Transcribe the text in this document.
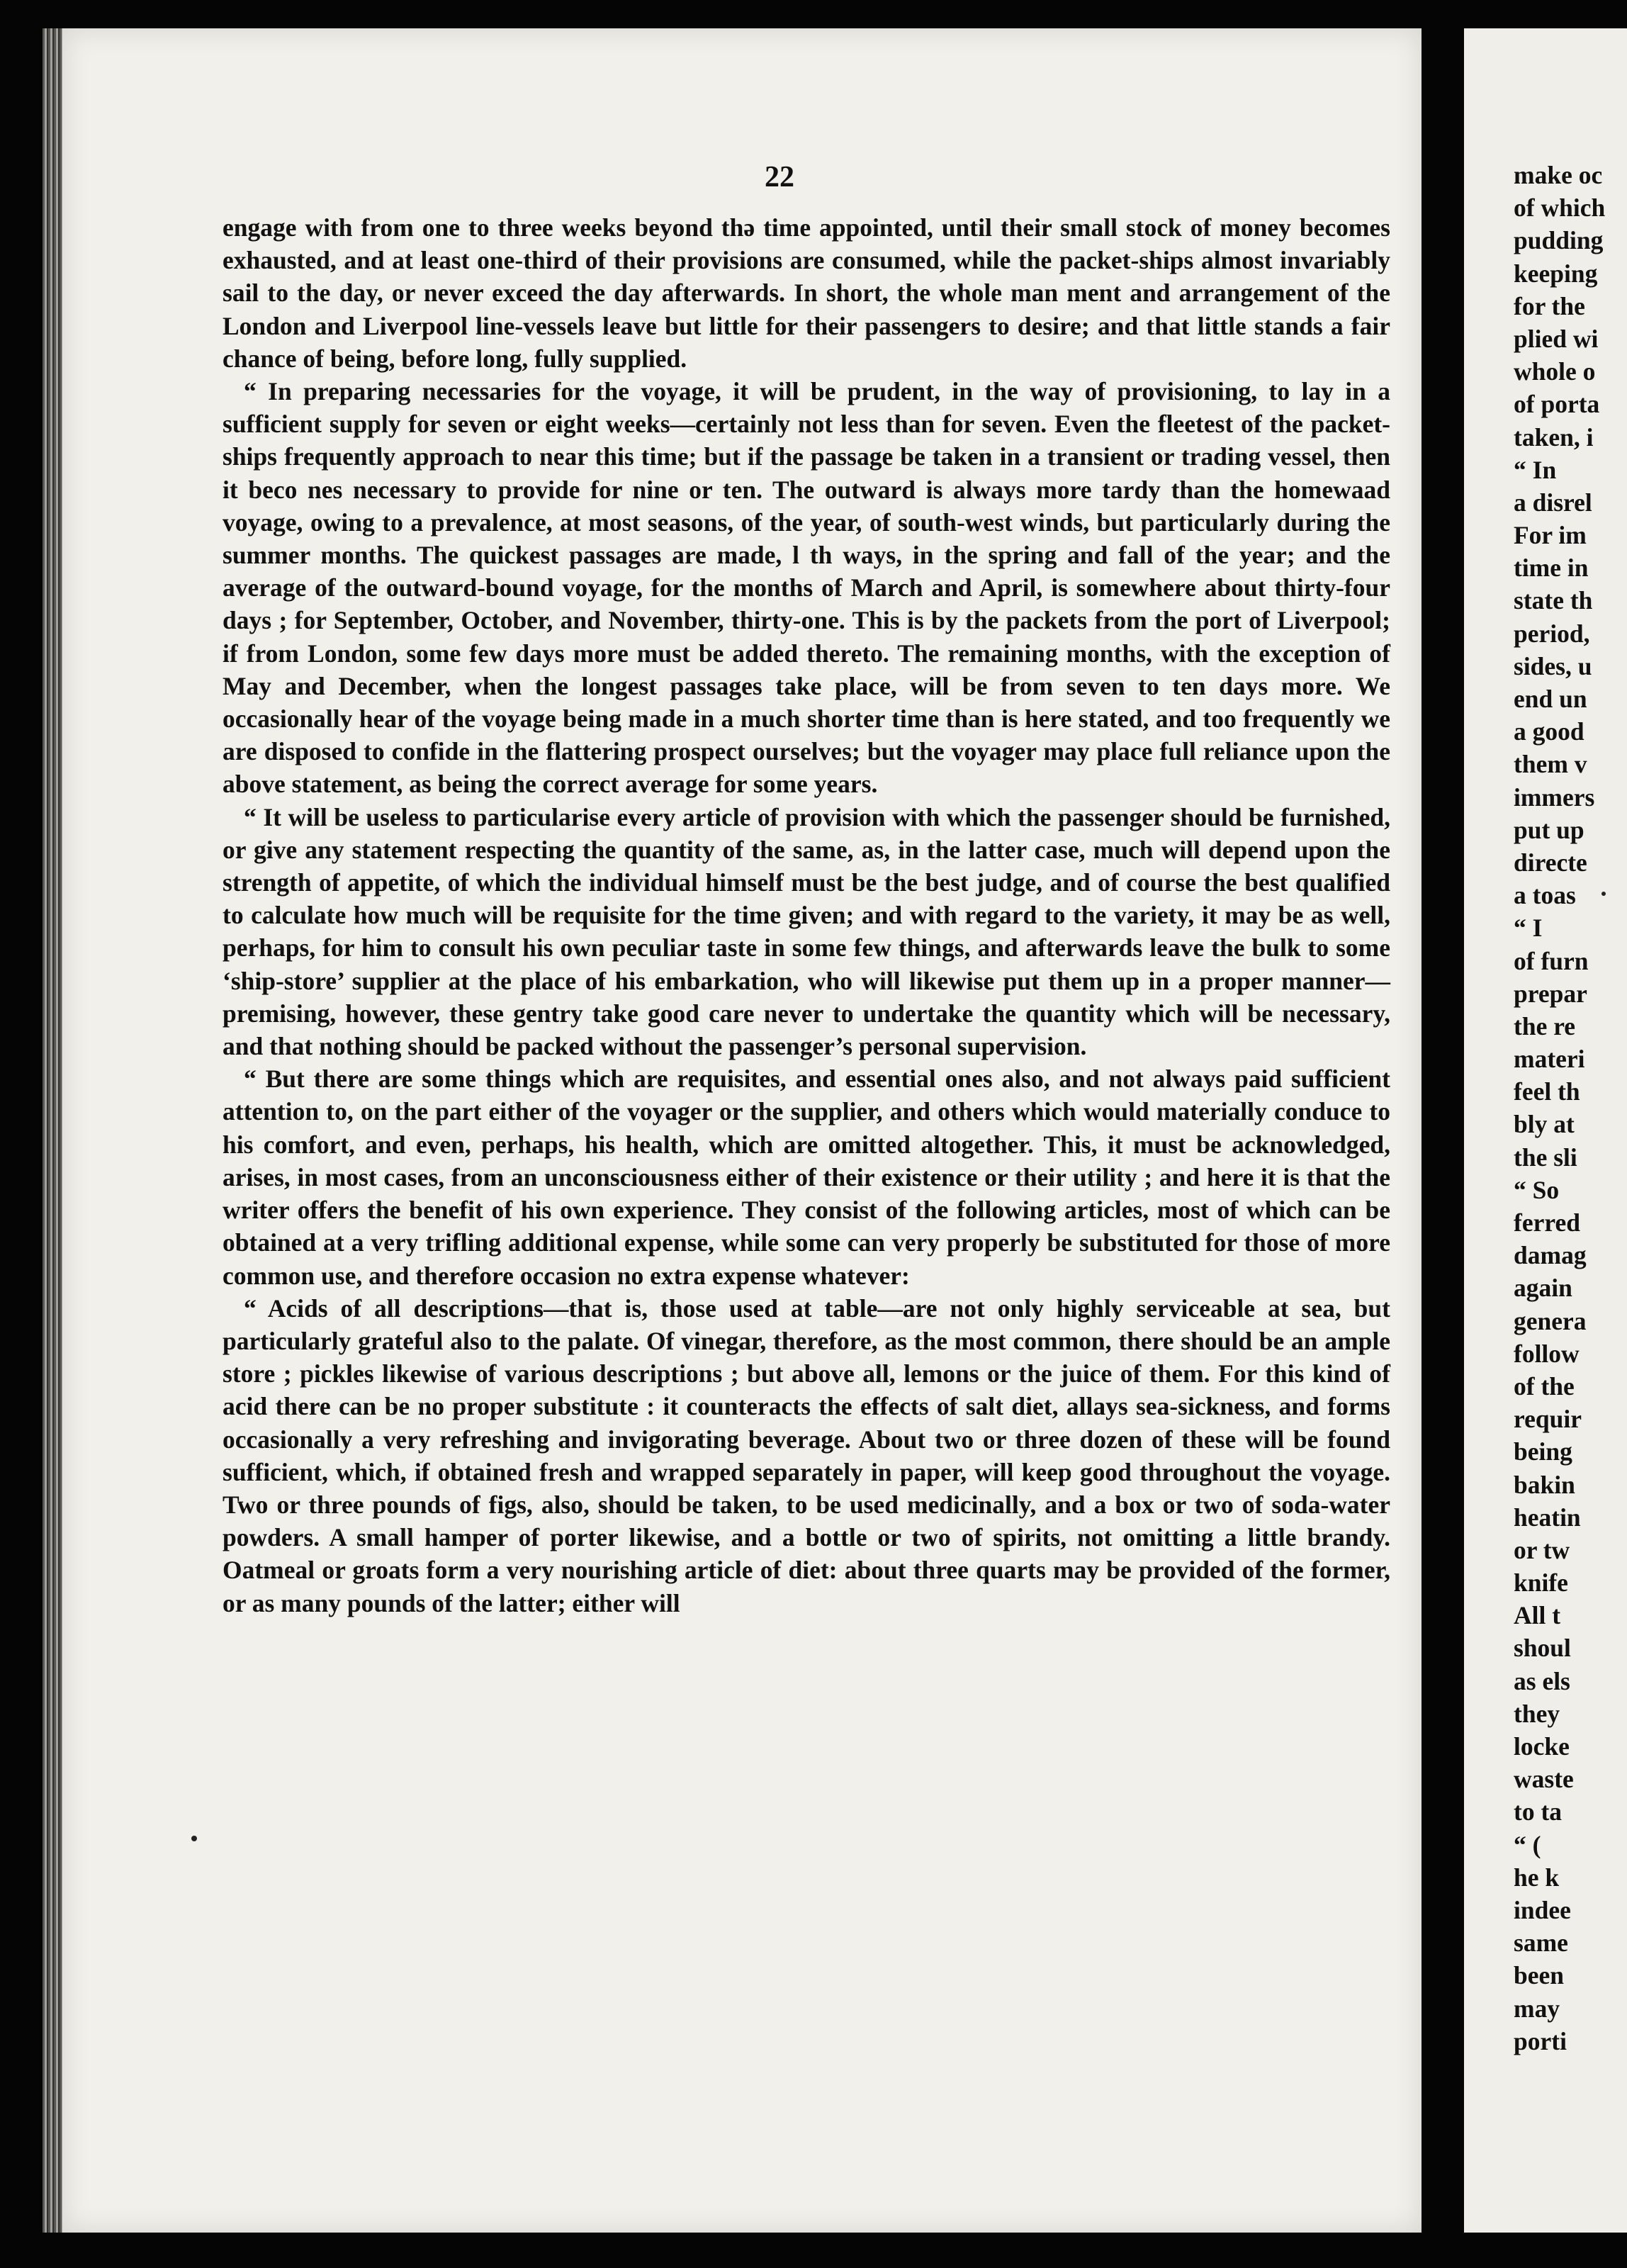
22

engage with from one to three weeks beyond thə time appointed, until their small stock of money becomes exhausted, and at least one-third of their provisions are consumed, while the packet-ships almost invariably sail to the day, or never exceed the day afterwards. In short, the whole man ment and arrangement of the London and Liverpool line-vessels leave but little for their passengers to desire; and that little stands a fair chance of being, before long, fully supplied.

“ In preparing necessaries for the voyage, it will be prudent, in the way of provisioning, to lay in a sufficient supply for seven or eight weeks—certainly not less than for seven. Even the fleetest of the packet-ships frequently approach to near this time; but if the passage be taken in a transient or trading vessel, then it beco nes necessary to provide for nine or ten. The outward is always more tardy than the homewaad voyage, owing to a prevalence, at most seasons, of the year, of south-west winds, but particularly during the summer months. The quickest passages are made, l th ways, in the spring and fall of the year; and the average of the outward-bound voyage, for the months of March and April, is somewhere about thirty-four days ; for September, October, and November, thirty-one. This is by the packets from the port of Liverpool; if from London, some few days more must be added thereto. The remaining months, with the exception of May and December, when the longest passages take place, will be from seven to ten days more. We occasionally hear of the voyage being made in a much shorter time than is here stated, and too frequently we are disposed to confide in the flattering prospect ourselves; but the voyager may place full reliance upon the above statement, as being the correct average for some years.

“ It will be useless to particularise every article of provision with which the passenger should be furnished, or give any statement respecting the quantity of the same, as, in the latter case, much will depend upon the strength of appetite, of which the individual himself must be the best judge, and of course the best qualified to calculate how much will be requisite for the time given; and with regard to the variety, it may be as well, perhaps, for him to consult his own peculiar taste in some few things, and afterwards leave the bulk to some ‘ship-store’ supplier at the place of his embarkation, who will likewise put them up in a proper manner—premising, however, these gentry take good care never to undertake the quantity which will be necessary, and that nothing should be packed without the passenger’s personal supervision.

“ But there are some things which are requisites, and essential ones also, and not always paid sufficient attention to, on the part either of the voyager or the supplier, and others which would materially conduce to his comfort, and even, perhaps, his health, which are omitted altogether. This, it must be acknowledged, arises, in most cases, from an unconsciousness either of their existence or their utility ; and here it is that the writer offers the benefit of his own experience. They consist of the following articles, most of which can be obtained at a very trifling additional expense, while some can very properly be substituted for those of more common use, and therefore occasion no extra expense whatever:

“ Acids of all descriptions—that is, those used at table—are not only highly serviceable at sea, but particularly grateful also to the palate. Of vinegar, therefore, as the most common, there should be an ample store ; pickles likewise of various descriptions ; but above all, lemons or the juice of them. For this kind of acid there can be no proper substitute : it counteracts the effects of salt diet, allays sea-sickness, and forms occasionally a very refreshing and invigorating beverage. About two or three dozen of these will be found sufficient, which, if obtained fresh and wrapped separately in paper, will keep good throughout the voyage. Two or three pounds of figs, also, should be taken, to be used medicinally, and a box or two of soda-water powders. A small hamper of porter likewise, and a bottle or two of spirits, not omitting a little brandy. Oatmeal or groats form a very nourishing article of diet: about three quarts may be provided of the former, or as many pounds of the latter; either will

make oc
of which
pudding
keeping
for the
plied wi
whole o
of porta
taken, i
“ In
a disrel
For im
time in
state th
period,
sides, u
end un
a good
them v
immers
put up
directe
a toas
“ I
of furn
prepar
the re
materi
feel th
bly at
the sli
“ So
ferred
damag
again
genera
follow
of the
requir
being
bakin
heatin
or tw
knife
All t
shoul
as els
they
locke
waste
to ta
“ (
he k
indee
same
been
may
porti
